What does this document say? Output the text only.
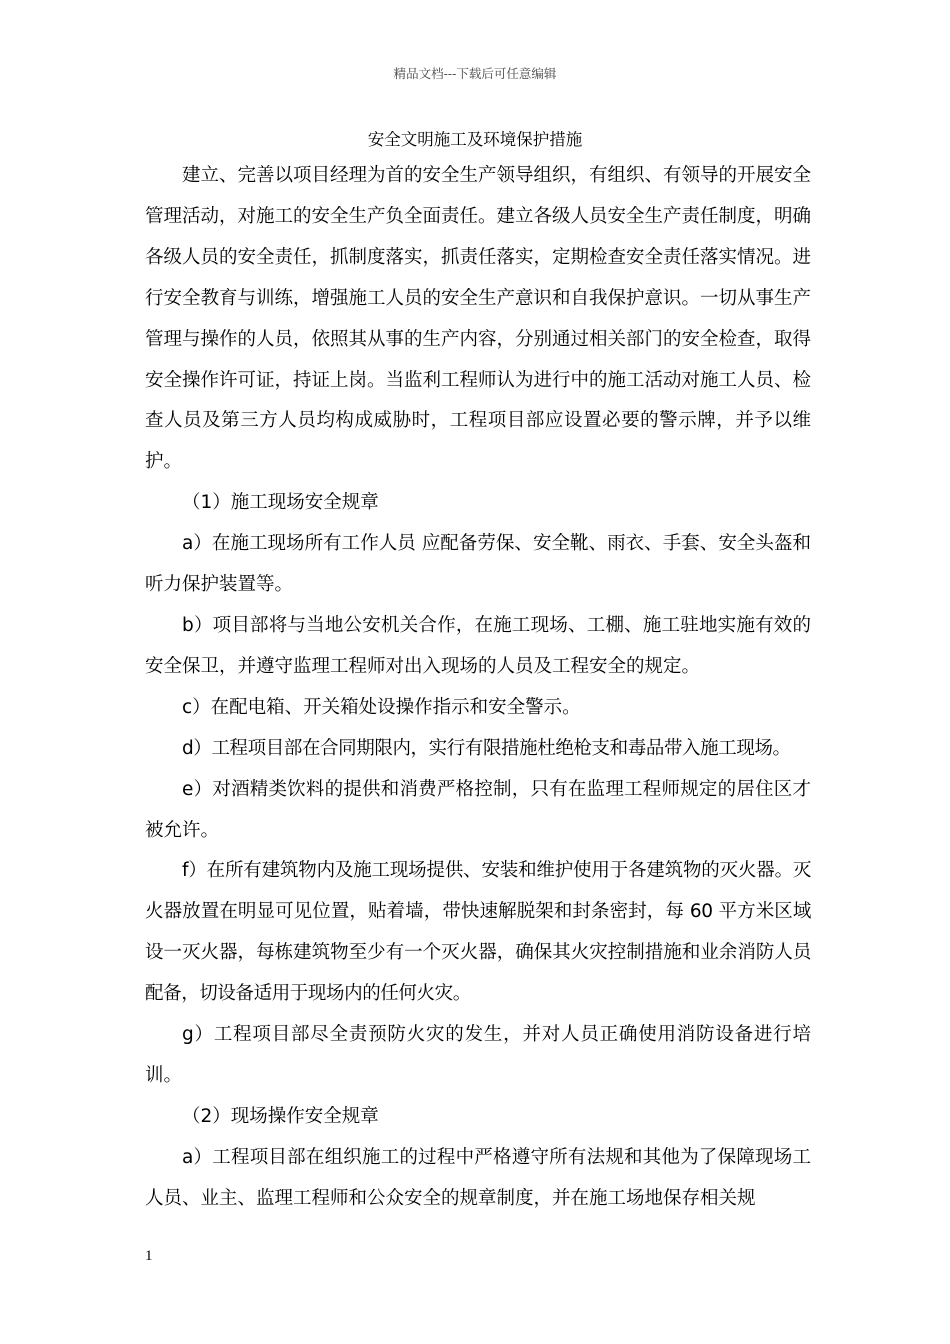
精品文档---下载后可任意编辑
安全文明施工及环境保护措施

建立、完善以项目经理为首的安全生产领导组织，有组织、有领导的开展安全管理活动，对施工的安全生产负全面责任。建立各级人员安全生产责任制度，明确各级人员的安全责任，抓制度落实，抓责任落实，定期检查安全责任落实情况。进行安全教育与训练，增强施工人员的安全生产意识和自我保护意识。一切从事生产管理与操作的人员，依照其从事的生产内容，分别通过相关部门的安全检查，取得安全操作许可证，持证上岗。当监利工程师认为进行中的施工活动对施工人员、检查人员及第三方人员均构成威胁时，工程项目部应设置必要的警示牌，并予以维护。

（1）施工现场安全规章

a）在施工现场所有工作人员 应配备劳保、安全靴、雨衣、手套、安全头盔和听力保护装置等。

b）项目部将与当地公安机关合作，在施工现场、工棚、施工驻地实施有效的安全保卫，并遵守监理工程师对出入现场的人员及工程安全的规定。

c）在配电箱、开关箱处设操作指示和安全警示。

d）工程项目部在合同期限内，实行有限措施杜绝枪支和毒品带入施工现场。

e）对酒精类饮料的提供和消费严格控制，只有在监理工程师规定的居住区才被允许。

f）在所有建筑物内及施工现场提供、安装和维护使用于各建筑物的灭火器。灭火器放置在明显可见位置，贴着墙，带快速解脱架和封条密封，每 60 平方米区域设一灭火器，每栋建筑物至少有一个灭火器，确保其火灾控制措施和业余消防人员配备，切设备适用于现场内的任何火灾。

g）工程项目部尽全责预防火灾的发生，并对人员正确使用消防设备进行培训。

（2）现场操作安全规章

a）工程项目部在组织施工的过程中严格遵守所有法规和其他为了保障现场工人员、业主、监理工程师和公众安全的规章制度，并在施工场地保存相关规

1
